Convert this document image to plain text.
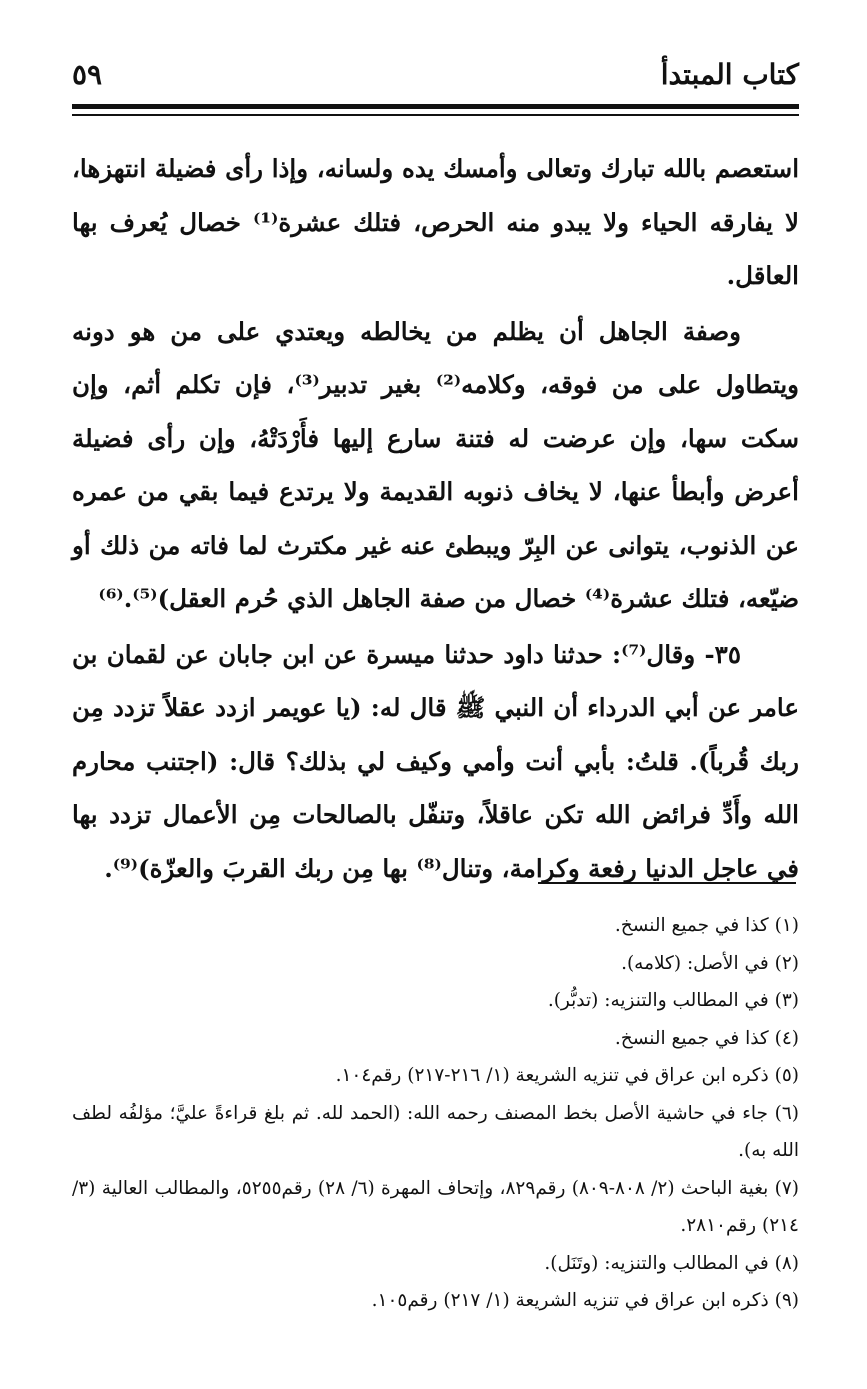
كتاب المبتدأ
٥٩

استعصم بالله تبارك وتعالى وأمسك يده ولسانه، وإذا رأى فضيلة انتهزها، لا يفارقه الحياء ولا يبدو منه الحرص، فتلك عشرة⁽¹⁾ خصال يُعرف بها العاقل.

وصفة الجاهل أن يظلم من يخالطه ويعتدي على من هو دونه ويتطاول على من فوقه، وكلامه⁽²⁾ بغير تدبير⁽³⁾، فإن تكلم أثم، وإن سكت سها، وإن عرضت له فتنة سارع إليها فأَرْدَتْهُ، وإن رأى فضيلة أعرض وأبطأ عنها، لا يخاف ذنوبه القديمة ولا يرتدع فيما بقي من عمره عن الذنوب، يتوانى عن البِرّ ويبطئ عنه غير مكترث لما فاته من ذلك أو ضيّعه، فتلك عشرة⁽⁴⁾ خصال من صفة الجاهل الذي حُرم العقل)⁽⁵⁾.⁽⁶⁾

٣٥- وقال⁽⁷⁾: حدثنا داود حدثنا ميسرة عن ابن جابان عن لقمان بن عامر عن أبي الدرداء أن النبي ﷺ قال له: (يا عويمر ازدد عقلاً تزدد مِن ربك قُرباً). قلتُ: بأبي أنت وأمي وكيف لي بذلك؟ قال: (اجتنب محارم الله وأَدِّ فرائض الله تكن عاقلاً، وتنفّل بالصالحات مِن الأعمال تزدد بها في عاجل الدنيا رفعة وكرامة، وتنال⁽⁸⁾ بها مِن ربك القربَ والعزّة)⁽⁹⁾.

(١) كذا في جميع النسخ.

(٢) في الأصل: (كلامه).

(٣) في المطالب والتنزيه: (تدبُّر).

(٤) كذا في جميع النسخ.

(٥) ذكره ابن عراق في تنزيه الشريعة (١/ ٢١٦-٢١٧) رقم١٠٤.

(٦) جاء في حاشية الأصل بخط المصنف رحمه الله: (الحمد لله. ثم بلغ قراءةً عليَّ؛ مؤلفُه لطف الله به).

(٧) بغية الباحث (٢/ ٨٠٨-٨٠٩) رقم٨٢٩، وإتحاف المهرة (٦/ ٢٨) رقم٥٢٥٥، والمطالب العالية (٣/ ٢١٤) رقم٢٨١٠.

(٨) في المطالب والتنزيه: (وتَنَل).

(٩) ذكره ابن عراق في تنزيه الشريعة (١/ ٢١٧) رقم١٠٥.
